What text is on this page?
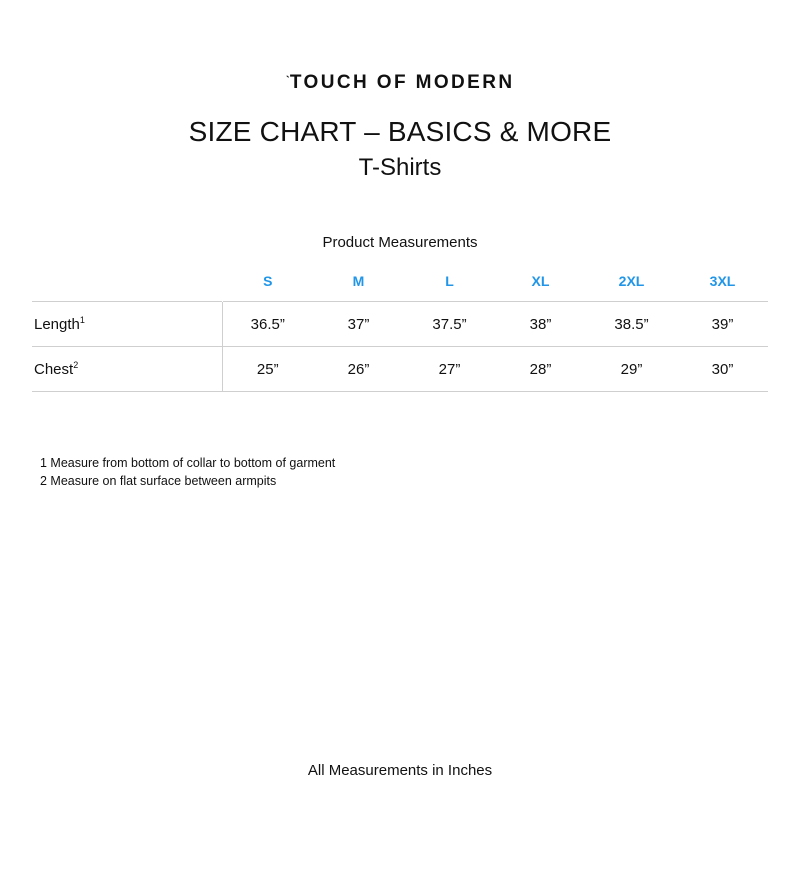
ˋTOUCH OF MODERN
SIZE CHART – BASICS & MORE
T-Shirts
Product Measurements
	S	M	L	XL	2XL	3XL
Length$^1$	36.5”	37”	37.5”	38”	38.5”	39”
Chest$^2$	25”	26”	27”	28”	29”	30”
1 Measure from bottom of collar to bottom of garment
2 Measure on flat surface between armpits
All Measurements in Inches
